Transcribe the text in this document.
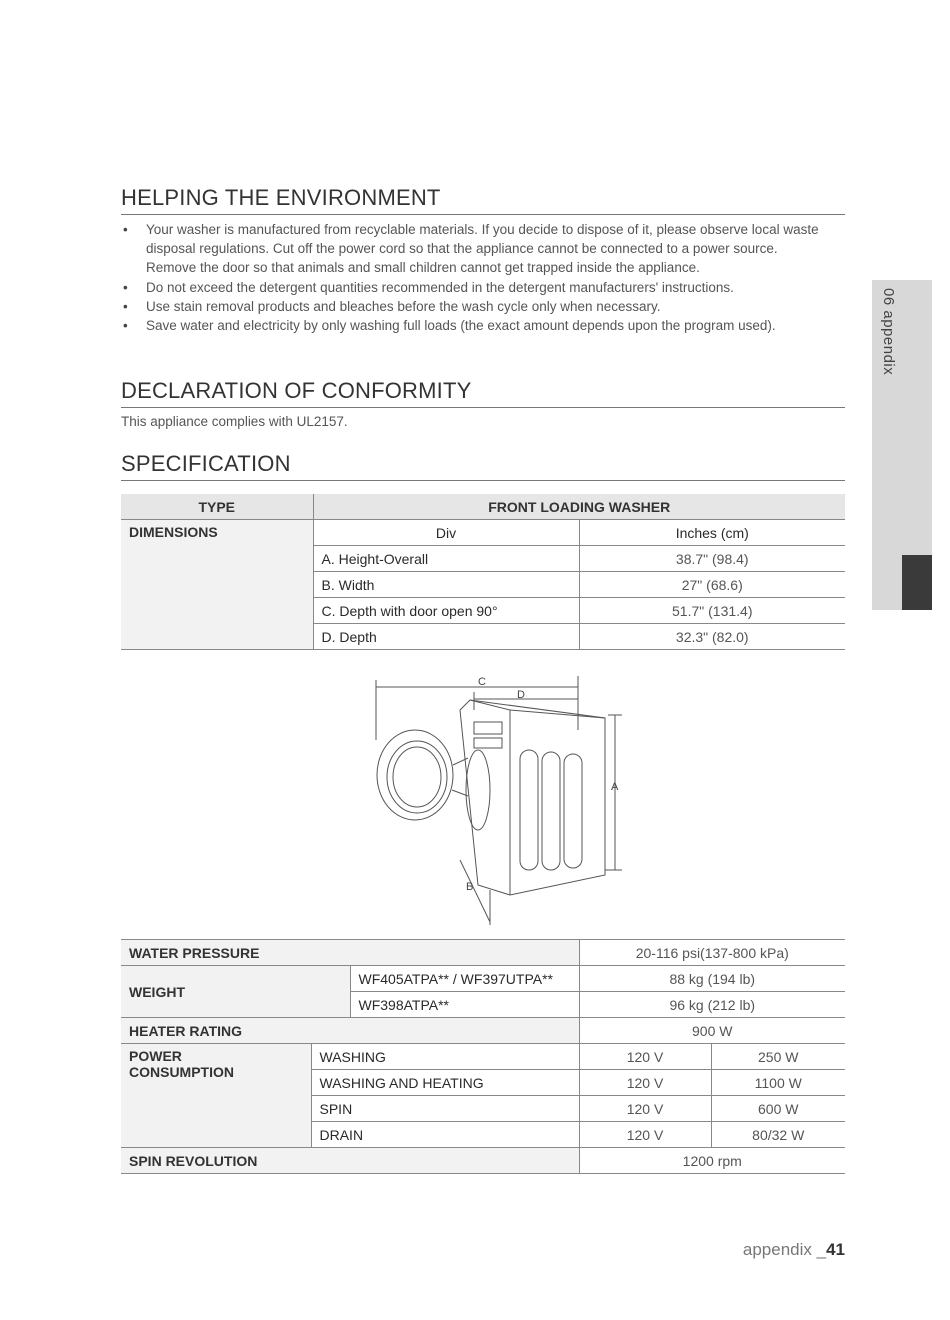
HELPING THE ENVIRONMENT
• Your washer is manufactured from recyclable materials. If you decide to dispose of it, please observe local waste disposal regulations. Cut off the power cord so that the appliance cannot be connected to a power source. Remove the door so that animals and small children cannot get trapped inside the appliance.
• Do not exceed the detergent quantities recommended in the detergent manufacturers' instructions.
• Use stain removal products and bleaches before the wash cycle only when necessary.
• Save water and electricity by only washing full loads (the exact amount depends upon the program used).
DECLARATION OF CONFORMITY

This appliance complies with UL2157.

SPECIFICATION
TYPE	FRONT LOADING WASHER	
DIMENSIONS	Div	Inches (cm)
	A. Height-Overall	38.7" (98.4)
	B. Width	27" (68.6)
	C. Depth with door open 90°	51.7" (131.4)
	D. Depth	32.3" (82.0)
C
D
A
B
WATER PRESSURE			20-116 psi(137-800 kPa)	
WEIGHT		WF405ATPA** / WF397UTPA**	88 kg (194 lb)	
		WF398ATPA**	96 kg (212 lb)	
HEATER RATING			900 W	
POWER
CONSUMPTION	WASHING		120 V	250 W
	WASHING AND HEATING		120 V	1100 W
	SPIN		120 V	600 W
	DRAIN		120 V	80/32 W
SPIN REVOLUTION			1200 rpm	
06 appendix
appendix _41
